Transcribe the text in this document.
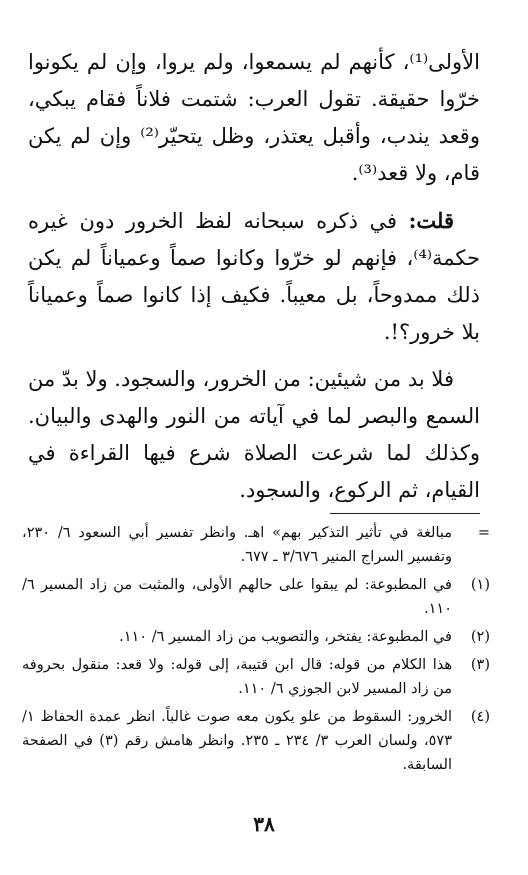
الأولى⁽¹⁾، كأنهم لم يسمعوا، ولم يروا، وإن لم يكونوا خرّوا حقيقة. تقول العرب: شتمت فلاناً فقام يبكي، وقعد يندب، وأقبل يعتذر، وظل يتحيّر⁽²⁾ وإن لم يكن قام، ولا قعد⁽³⁾.

قلت: في ذكره سبحانه لفظ الخرور دون غيره حكمة⁽⁴⁾، فإنهم لو خرّوا وكانوا صماً وعمياناً لم يكن ذلك ممدوحاً، بل معيباً. فكيف إذا كانوا صماً وعمياناً بلا خرور؟!.

فلا بد من شيئين: من الخرور، والسجود. ولا بدّ من السمع والبصر لما في آياته من النور والهدى والبيان. وكذلك لما شرعت الصلاة شرع فيها القراءة في القيام، ثم الركوع، والسجود.

=
مبالغة في تأثير التذكير بهم» اهـ. وانظر تفسير أبي السعود ٦/ ٢٣٠، وتفسير السراج المنير ٣/٦٧٦ ـ ٦٧٧.
(١)
في المطبوعة: لم يبقوا على حالهم الأولى، والمثبت من زاد المسير ٦/ ١١٠.
(٢)
في المطبوعة: يفتخر، والتصويب من زاد المسير ٦/ ١١٠.
(٣)
هذا الكلام من قوله: قال ابن قتيبة، إلى قوله: ولا قعد: منقول بحروفه من زاد المسير لابن الجوزي ٦/ ١١٠.
(٤)
الخرور: السقوط من علو يكون معه صوت غالباً. انظر عمدة الحفاظ ١/ ٥٧٣، ولسان العرب ٣/ ٢٣٤ ـ ٢٣٥. وانظر هامش رقم (٣) في الصفحة السابقة.
٣٨
